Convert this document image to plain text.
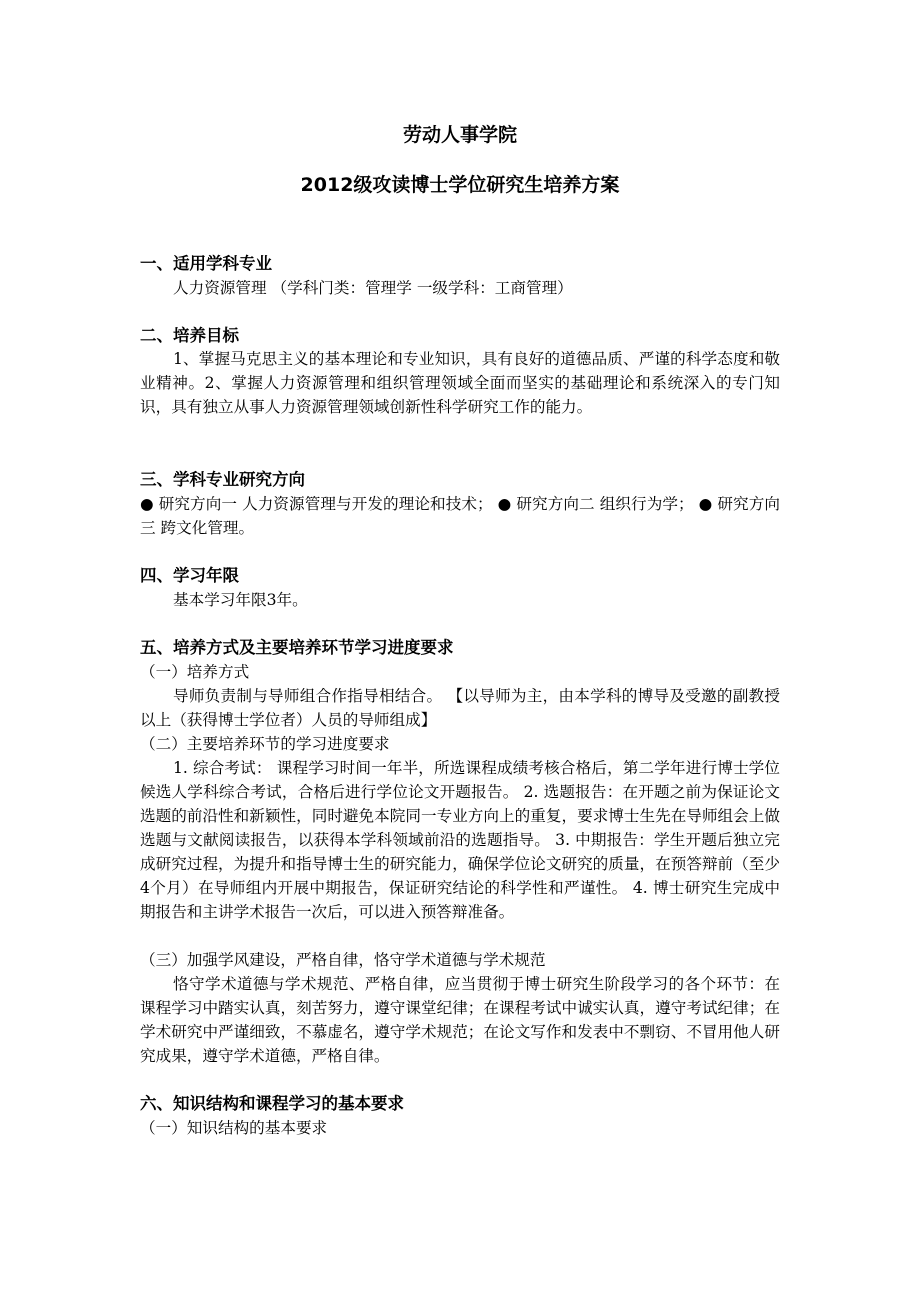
劳动人事学院
2012级攻读博士学位研究生培养方案
一、适用学科专业
人力资源管理 （学科门类：管理学 一级学科：工商管理）
二、培养目标

1、掌握马克思主义的基本理论和专业知识，具有良好的道德品质、严谨的科学态度和敬业精神。2、掌握人力资源管理和组织管理领域全面而坚实的基础理论和系统深入的专门知识，具有独立从事人力资源管理领域创新性科学研究工作的能力。

三、学科专业研究方向

● 研究方向一 人力资源管理与开发的理论和技术； ● 研究方向二 组织行为学； ● 研究方向三 跨文化管理。

四、学习年限
基本学习年限3年。
五、培养方式及主要培养环节学习进度要求
（一）培养方式

导师负责制与导师组合作指导相结合。 【以导师为主，由本学科的博导及受邀的副教授以上（获得博士学位者）人员的导师组成】

（二）主要培养环节的学习进度要求

1. 综合考试： 课程学习时间一年半，所选课程成绩考核合格后，第二学年进行博士学位候选人学科综合考试，合格后进行学位论文开题报告。 2. 选题报告：在开题之前为保证论文选题的前沿性和新颖性，同时避免本院同一专业方向上的重复，要求博士生先在导师组会上做选题与文献阅读报告，以获得本学科领域前沿的选题指导。 3. 中期报告：学生开题后独立完成研究过程，为提升和指导博士生的研究能力，确保学位论文研究的质量，在预答辩前（至少4个月）在导师组内开展中期报告，保证研究结论的科学性和严谨性。 4. 博士研究生完成中期报告和主讲学术报告一次后，可以进入预答辩准备。

（三）加强学风建设，严格自律，恪守学术道德与学术规范

恪守学术道德与学术规范、严格自律，应当贯彻于博士研究生阶段学习的各个环节：在课程学习中踏实认真，刻苦努力，遵守课堂纪律；在课程考试中诚实认真，遵守考试纪律；在学术研究中严谨细致，不慕虚名，遵守学术规范；在论文写作和发表中不剽窃、不冒用他人研究成果，遵守学术道德，严格自律。

六、知识结构和课程学习的基本要求
（一）知识结构的基本要求
